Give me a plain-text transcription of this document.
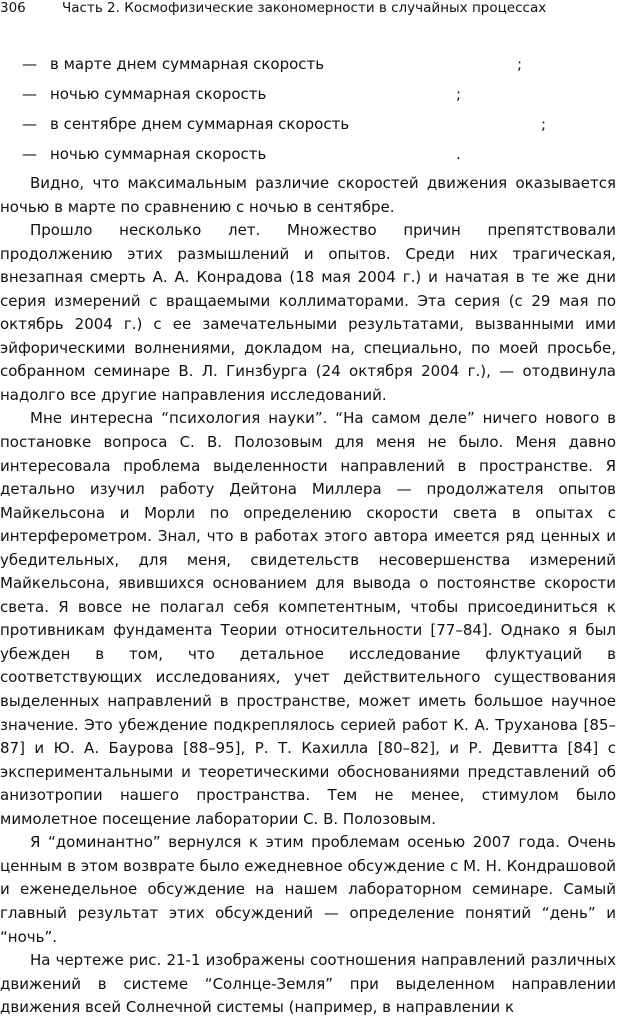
306	Часть 2. Космофизические закономерности в случайных процессах
— в марте днем суммарная скорость	;
— ночью суммарная скорость	;
— в сентябре днем суммарная скорость	;
— ночью суммарная скорость	.

Видно, что максимальным различие скоростей движения оказывается ночью в марте по сравнению с ночью в сентябре.

Прошло несколько лет. Множество причин препятствовали продолжению этих размышлений и опытов. Среди них трагическая, внезапная смерть А. А. Конрадова (18 мая 2004 г.) и начатая в те же дни серия измерений с вращаемыми коллиматорами. Эта серия (с 29 мая по октябрь 2004 г.) с ее замечательными результатами, вызванными ими эйфорическими волнениями, докладом на, специально, по моей просьбе, собранном семинаре В. Л. Гинзбурга (24 октября 2004 г.), — отодвинула надолго все другие направления исследований.

Мне интересна “психология науки”. “На самом деле” ничего нового в постановке вопроса С. В. Полозовым для меня не было. Меня давно интересовала проблема выделенности направлений в пространстве. Я детально изучил работу Дейтона Миллера — продолжателя опытов Майкельсона и Морли по определению скорости света в опытах с интерферометром. Знал, что в работах этого автора имеется ряд ценных и убедительных, для меня, свидетельств несовершенства измерений Майкельсона, явившихся основанием для вывода о постоянстве скорости света. Я вовсе не полагал себя компетентным, чтобы присоединиться к противникам фундамента Теории относительности [77–84]. Однако я был убежден в том, что детальное исследование флуктуаций в соответствующих исследованиях, учет действительного существования выделенных направлений в пространстве, может иметь большое научное значение. Это убеждение подкреплялось серией работ К. А. Труханова [85–87] и Ю. А. Баурова [88–95], Р. Т. Кахилла [80–82], и Р. Девитта [84] с экспериментальными и теоретическими обоснованиями представлений об анизотропии нашего пространства. Тем не менее, стимулом было мимолетное посещение лаборатории С. В. Полозовым.

Я “доминантно” вернулся к этим проблемам осенью 2007 года. Очень ценным в этом возврате было ежедневное обсуждение с М. Н. Кондрашовой и еженедельное обсуждение на нашем лабораторном семинаре. Самый главный результат этих обсуждений — определение понятий “день” и “ночь”.

На чертеже рис. 21-1 изображены соотношения направлений различных движений в системе “Солнце-Земля” при выделенном направлении движения всей Солнечной системы (например, в направлении к
